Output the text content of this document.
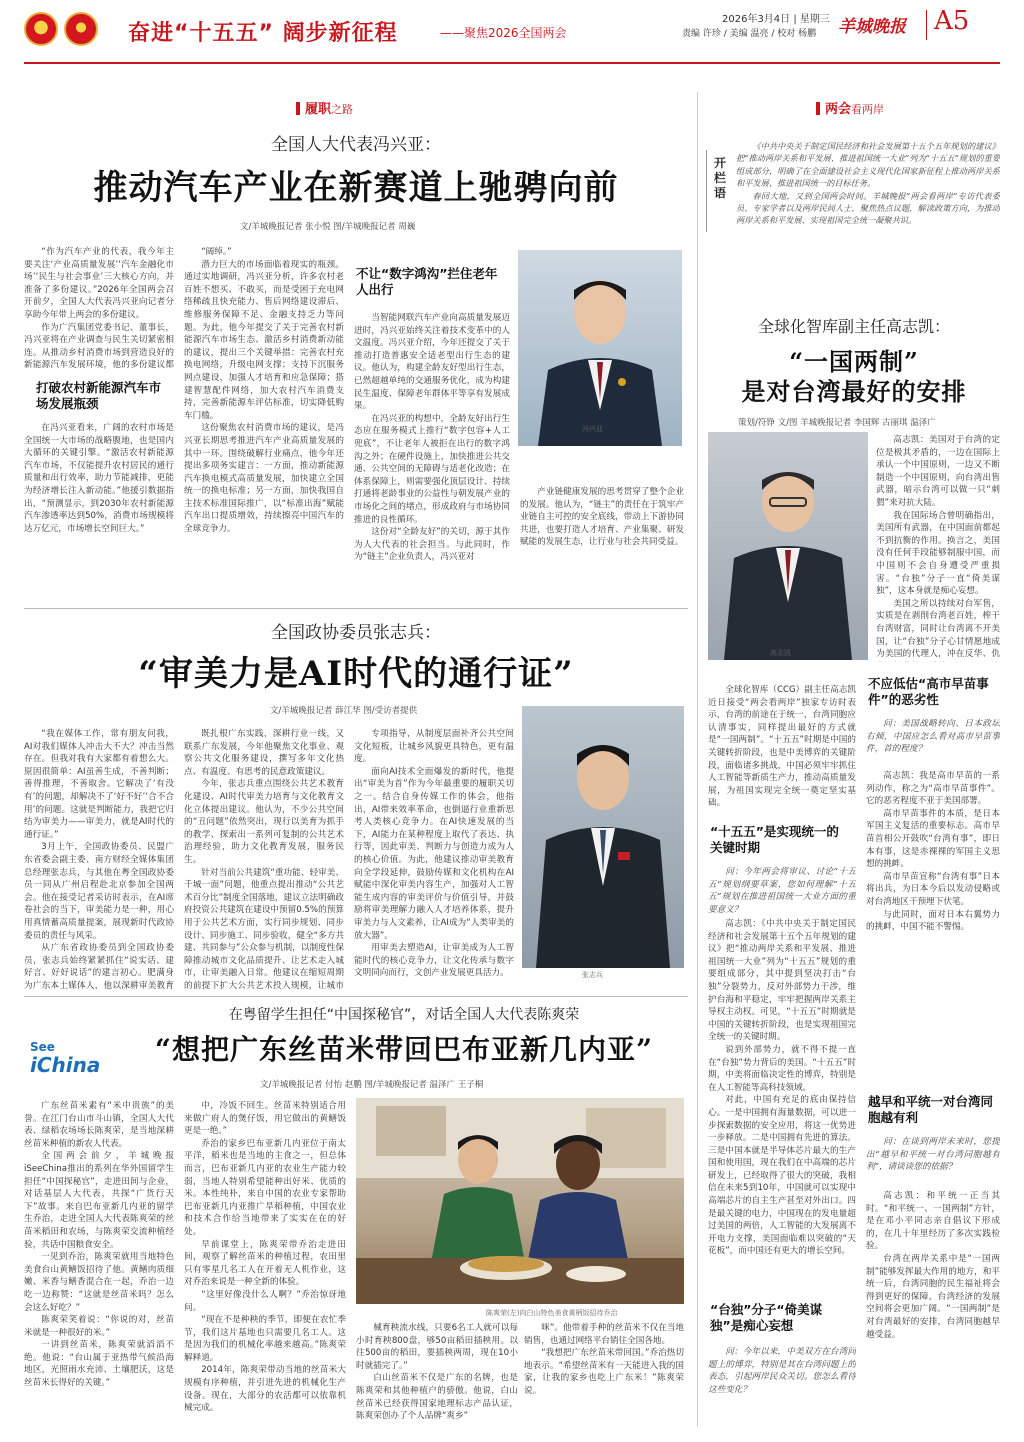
奋进“十五五” 阔步新征程	——聚焦2026全国两会
2026年3月4日 | 星期三
责编 许珍 / 美编 温亮 / 校对 杨鹏 羊城晚报 A5
履职之路	两会看两岸
全国人大代表冯兴亚：
推动汽车产业在新赛道上驰骋向前
文/羊城晚报记者 张小悦 图/羊城晚报记者 周巍

“作为汽车产业的代表，我今年主要关注‘产业高质量发展’‘汽车金融化市场’‘民生与社会事业’三大核心方向，并准备了多份建议。”2026年全国两会召开前夕，全国人大代表冯兴亚向记者分享助今年带上两会的多份建议。

作为广汽集团党委书记、董事长，冯兴亚将在产业调查与民生关切紧密相连。从推动乡村消费市场到营造良好的新能源汽车发展环境，他的多份建议都

打破农村新能源汽车市场发展瓶颈

在冯兴亚看来，广阔的农村市场是全国统一大市场的战略腹地，也是国内大循环的关键引擎。“激活农村新能源汽车市场，不仅能提升农村居民的通行质量和出行效率，助力节能减排，更能为经济增长注入新动能。”他援引数据指出，“预测显示，到2030年农村新能源汽车渗透率达到50%，消费市场规模将达万亿元，市场增长空间巨大。”

“阔绰。”

潜力巨大的市场面临着现实的瓶颈。通过实地调研，冯兴亚分析，许多农村老百姓不想买、不敢买，而是受困于充电网络稀疏且快充能力、售后网络建设滞后、维修服务保障不足、金融支持乏力等问题。为此，他今年提交了关于完善农村新能源汽车市场生态、激活乡村消费新动能的建议，提出三个关键举措：完善农村充换电网络，升级电网支撑；支持下沉服务网点建设，加强人才培育和应急保障；搭建智慧配件网络，加大农村汽车消费支持，完善新能源车评估标准，切实降低购车门槛。

这份聚焦农村消费市场的建议，是冯兴亚长期思考推进汽车产业高质量发展的其中一环。围绕破解行业痛点，他今年还提出多项务实建言：一方面，推动新能源汽车换电模式高质量发展，加快建立全国统一的换电标准；另一方面，加快我国自主技术标准国际推广，以“标准出海”赋能汽车出口提质增效，持续擦亮中国汽车的全球竞争力。

不让“数字鸿沟”拦住老年人出行

当智能网联汽车产业向高质量发展迈进时，冯兴亚始终关注着技术变革中的人文温度。冯兴亚介绍，今年还提交了关于推动打造普惠安全适老型出行生态的建议。他认为，构建全龄友好型出行生态，已然超越单纯的交通服务优化，成为构建民生温度、保障老年群体平等享有发展成果。

在冯兴亚的构想中，全龄友好出行生态应在服务模式上推行“数字包容+人工兜底”，不让老年人被拒在出行的数字鸿沟之外；在硬件设施上，加快推进公共交通、公共空间的无障碍与适老化改造；在体系保障上，则需要强化顶层设计、持续打通将老龄事业的公益性与朝发展产业的市场化之间的堵点，形成政府与市场协同推进的良性循环。

这份对“全龄友好”的关切，源于其作为人大代表的社会担当。与此同时，作为“链主”企业负责人，冯兴亚对

冯兴亚

产业链健康发展的思考贯穿了整个企业的发展。他认为，“链主”的责任在于筑牢产业链自主可控的安全底线，带动上下游协同共进，也要打造人才培育、产业集聚、研发赋能的发展生态，让行业与社会共同受益。

全国政协委员张志兵：
“审美力是AI时代的通行证”
文/羊城晚报记者 薛江华 图/受访者提供

“我在媒体工作，常有朋友问我，AI对我们媒体人冲击大不大？冲击当然存在。但我对我有大家都有着想么大。原因很简单：AI虽善生成，不善判断；善得推理，不善取舍。它解决了‘有没有’的问题，却解决不了‘好不好’‘合不合用’的问题。这就是判断能力，我把它归结为审美力——审美力，就是AI时代的通行证。”

3月上午，全国政协委员、民盟广东省委会副主委、南方财经全媒体集团总经理张志兵，与其他在粤全国政协委员一同从广州启程赴北京参加全国两会。他在接受记者采访时表示，在AI席卷社会的当下，审美能力是一种，用心用真情蓄高质量提案，展现新时代政协委员的责任与风采。

从广东省政协委员到全国政协委员，张志兵始终紧紧抓住“说实话、建好言、好好说话”的建言初心。肥满身为广东本土媒体人，他以深耕审美教育

既扎根广东实践，深耕行业一线，又联系广东发展，今年他聚焦文化事业、观察公共文化服务建设，撰写多年文化热点、有温度、有思考的民意政策建议。

今年，张志兵重点围绕公共艺术教育化建设、AI时代审美力培育与文化教育文化立体提出建议。他认为，不少公共空间的“丑问题”依然突出，现行以美育为抓手的教学、探索出一系列可复制的公共艺术治理经验，助力文化教育发展，服务民生。

针对当前公共建筑“重功能、轻审美、千城一面”问题，他重点提出推动“公共艺术百分比”制度全国落地，建议立法明确政府投资公共建筑在建设中预留0.5%的预算用于公共艺术方面，实行同步规划、同步设计、同步施工、同步验收，健全“多方共建、共同参与”公众参与机制，以制度性保障推动城市文化品质提升、让艺术走入城市，让审美融入日常。他建议在缩短周期的前提下扩大公共艺术投入规模，让城市

专项指导，从制度层面补齐公共空间文化短板，让城乡风貌更具特色，更有温度。

面向AI技术全面爆发的新时代，他提出“审美为首”作为今年最重要的履职关切之一。结合自身传媒工作的体会，他指出，AI带来效率革命，也倒逼行业重新思考人类核心竞争力。在AI快速发展的当下，AI能力在某种程度上取代了表达、执行等，因此审美、判断力与创造力成为人的核心价值。为此，他建议推动审美教育向全学段延伸，鼓励传媒和文化机构在AI赋能中深化审美内容生产，加强对人工智能生成内容的审美评价与价值引导，并鼓励将审美理解力融入人才培养体系，提升审美力与人文素养，让AI成为“人类审美的放大器”。

用审美去塑造AI，让审美成为人工智能时代的核心竞争力，让文化传承与数字文明同向而行，文创产业发展更具活力。	张志兵
See
iChina
在粤留学生担任“中国探秘官”，对话全国人大代表陈爽荣
“想把广东丝苗米带回巴布亚新几内亚”
文/羊城晚报记者 付怡 赵鹏 图/羊城晚报记者 温泽广 王子桐

广东丝苗米素有“米中贵族”的美誉。在江门台山市斗山镇，全国人大代表、绿稻农场场长陈爽荣，是当地深耕丝苗米种植的新农人代表。

全国两会前夕，羊城晚报iSeeChina推出的系列在华外国留学生担任“中国探秘官”，走进田间与企业，对话基层人大代表，共探“广货行天下”故事。来自巴布亚新几内亚的留学生乔治，走进全国人大代表陈爽荣的丝苗米稻田和农场，与陈爽荣交流种植经验，共话中国粮食安全。

一见到乔治，陈爽荣就用当地特色美食台山黄鳝饭招待了他。黄鳝肉质细嫩、米香与鳝香混合在一起，乔治一边吃一边称赞：“这就是丝苗米吗？怎么会这么好吃？”

陈爽荣笑着说：“你说的对，丝苗米就是一种很好的米。”

一讲到丝苗米，陈爽荣就滔滔不绝。他说：“台山属于亚热带气候沿海地区，光照雨水充沛、土壤肥沃，这是丝苗米长得好的关键。”

中，冷饭不回生。丝苗米特别适合用来做广府人的煲仔饭，用它做出的黄鳝饭更是一绝。”

乔治的家乡巴布亚新几内亚位于南太平洋，稻米也是当地的主食之一，但总体而言，巴布亚新几内亚的农业生产能力较弱，当地人特别希望能种出好米、优质的米。本性纯朴，来自中国的农业专家帮助巴布亚新几内亚推广旱稻种植，中国农业和技术合作给当地带来了实实在在的好处。

早前课堂上，陈爽荣带乔治走进田间，观察了解丝苗米的种植过程，农田里只有零星几名工人在开着无人机作业，这对乔治来说是一种全新的体验。

“这里好像没什么人啊？”乔治惊讶地问。

“现在不是种秧的季节，即便在农忙季节，我们这片基地也只需要几名工人。这是因为我们的机械化率越来越高。”陈爽荣解释道。

2014年，陈爽荣带动当地的丝苗米大规模有序种植，并引进先进的机械化生产设备。现在，大部分的农活都可以依靠机械完成。

陈爽荣(左)向白山特色美食黄柄饭招待乔治

械育秧流水线，只要6名工人就可以每小时育秧800盘，够50亩稻田插秧用。以往500亩的稻田，要插秧两周，现在10小时就插完了。”

白山丝苗米不仅是广东的名牌，也是陈爽荣和其他种植户的骄傲。他说，白山丝苗米已经获得国家地理标志产品认证，陈爽荣创办了个人品牌“爽乡”

咪”。他带着手种的丝苗米不仅在当地销售，也通过网络平台销往全国各地。

“我想把广东丝苗米带回国。”乔治热切地表示。“希望丝苗米有一天能进入我的国家，让我的家乡也吃上广东米！”陈爽荣说。

开栏语

《中共中央关于制定国民经济和社会发展第十五个五年规划的建议》把“推动两岸关系和平发展、推进祖国统一大业”列为“十五五”规划的重要组成部分，明确了在全面建设社会主义现代化国家新征程上推动两岸关系和平发展、推进祖国统一的目标任务。

春回大地，又到全国两会时间。羊城晚报“两会看两岸”专访代表委员、专家学者以及两岸民间人士，聚焦热点议题，解读政策方向，为推动两岸关系和平发展、实现祖国完全统一凝聚共识。

全球化智库副主任高志凯：
“一国两制”
是对台湾最好的安排
策划/符铮 文/图 羊城晚报记者 李国辉 古丽琪 温泽广
高志凯

高志凯：美国对于台湾的定位是极其矛盾的，一边在国际上承认一个中国原则，一边又不断制造一个中国原则，向台湾出售武器，暗示台湾可以做一只“刺猬”来对抗大陆。

我在国际场合曾明确指出，美国所有武器，在中国面前都起不到抗衡的作用。换言之，美国没有任何手段能够制服中国，而中国则不会自身遭受严重损害。“台独”分子一直“倚美谋独”，这本身就是痴心妄想。

美国之所以持续对台军售，实质是在剥削台湾老百姓，榨干台湾财富，同时让台湾离不开美国，让“台独”分子心甘情愿地成为美国的代理人，冲在反华、仇

全球化智库（CCG）副主任高志凯近日接受“两会看两岸”独家专访时表示，台湾的前途在于统一，台湾同胞应认清事实，同样提出最好的方式就是“一国两制”。“十五五”时期是中国的关键转折阶段，也是中美博弈的关键阶段，面临诸多挑战，中国必须牢牢抓住人工智能等新质生产力，推动高质量发展，为祖国实现完全统一奠定坚实基础。

“十五五”是实现统一的关键时期

问：今年两会将审议、讨论“十五五”规划纲要草案，您如何理解“十五五”规划在推进祖国统一大业方面的重要意义？

高志凯：《中共中央关于制定国民经济和社会发展第十五个五年规划的建议》把“推动两岸关系和平发展、推进祖国统一大业”列为“十五五”规划的重要组成部分，其中提到坚决打击“台独”分裂势力，反对外部势力干涉，维护台海和平稳定，牢牢把握两岸关系主导权主动权。可见，“十五五”时期就是中国的关键转折阶段，也是实现祖国完全统一的关键时期。

说到外部势力，就不得不提一直在“台独”势力背后的美国。“十五五”时期，中美将面临决定性的博弈，特别是在人工智能等高科技领域。

对此，中国有充足的底由保持信心。一是中国拥有海量数据，可以进一步探索数据的安全应用，将这一优势进一步释放。二是中国拥有先进的算法。三是中国本就是半导体芯片最大的生产国和使用国，现在我们在中高端的芯片研发上，已经取得了很大的突破，我相信在未来5到10年，中国就可以实现中高端芯片的自主生产甚至对外出口。四是最关键的电力，中国现在的发电量超过美国的两倍，人工智能的大发展离不开电力支撑，美国面临难以突破的“天花板”，而中国还有更大的增长空间。

“台独”分子“倚美谋独”是痴心妄想

问：今年以来，中美双方在台湾问题上的博弈，特别是其在台湾问题上的表态，引起两岸民众关切。您怎么看待这些变化？

不应低估“高市早苗事件”的恶劣性

问：美国战略转向、日本政坛右倾，中国应怎么看对高市早苗事件，首的程度？

高志凯：我是高市早苗的一系列动作，称之为“高市早苗事件”。它的恶劣程度不亚于美国部署。

高市早苗事件的本质，是日本军国主义复活的重要标志。高市早苗首相公开鼓吹“台湾有事”，即日本有事，这是赤裸裸的军国主义思想的挑衅。

高市早苗宣称“台湾有事”日本将出兵，为日本今后以发动侵略或对台湾地区干预埋下伏笔。

与此同时，面对日本右翼势力的挑衅，中国不能不警惕。

越早和平统一对台湾同胞越有利

问：在谈到两岸未来时，您提出“越早和平统一对台湾同胞越有利”，请谈谈您的依据？

高志凯：和平统一正当其时。“和平统一、一国两制”方针，是在邓小平同志亲自倡议下形成的，在几十年里经历了多次实践检验。

台湾在两岸关系中是“一国两制”能够发挥最大作用的地方，和平统一后，台湾同胞的民生福祉将会得到更好的保障，台湾经济的发展空间将会更加广阔。“一国两制”是对台湾最好的安排，台湾同胞越早越受益。
